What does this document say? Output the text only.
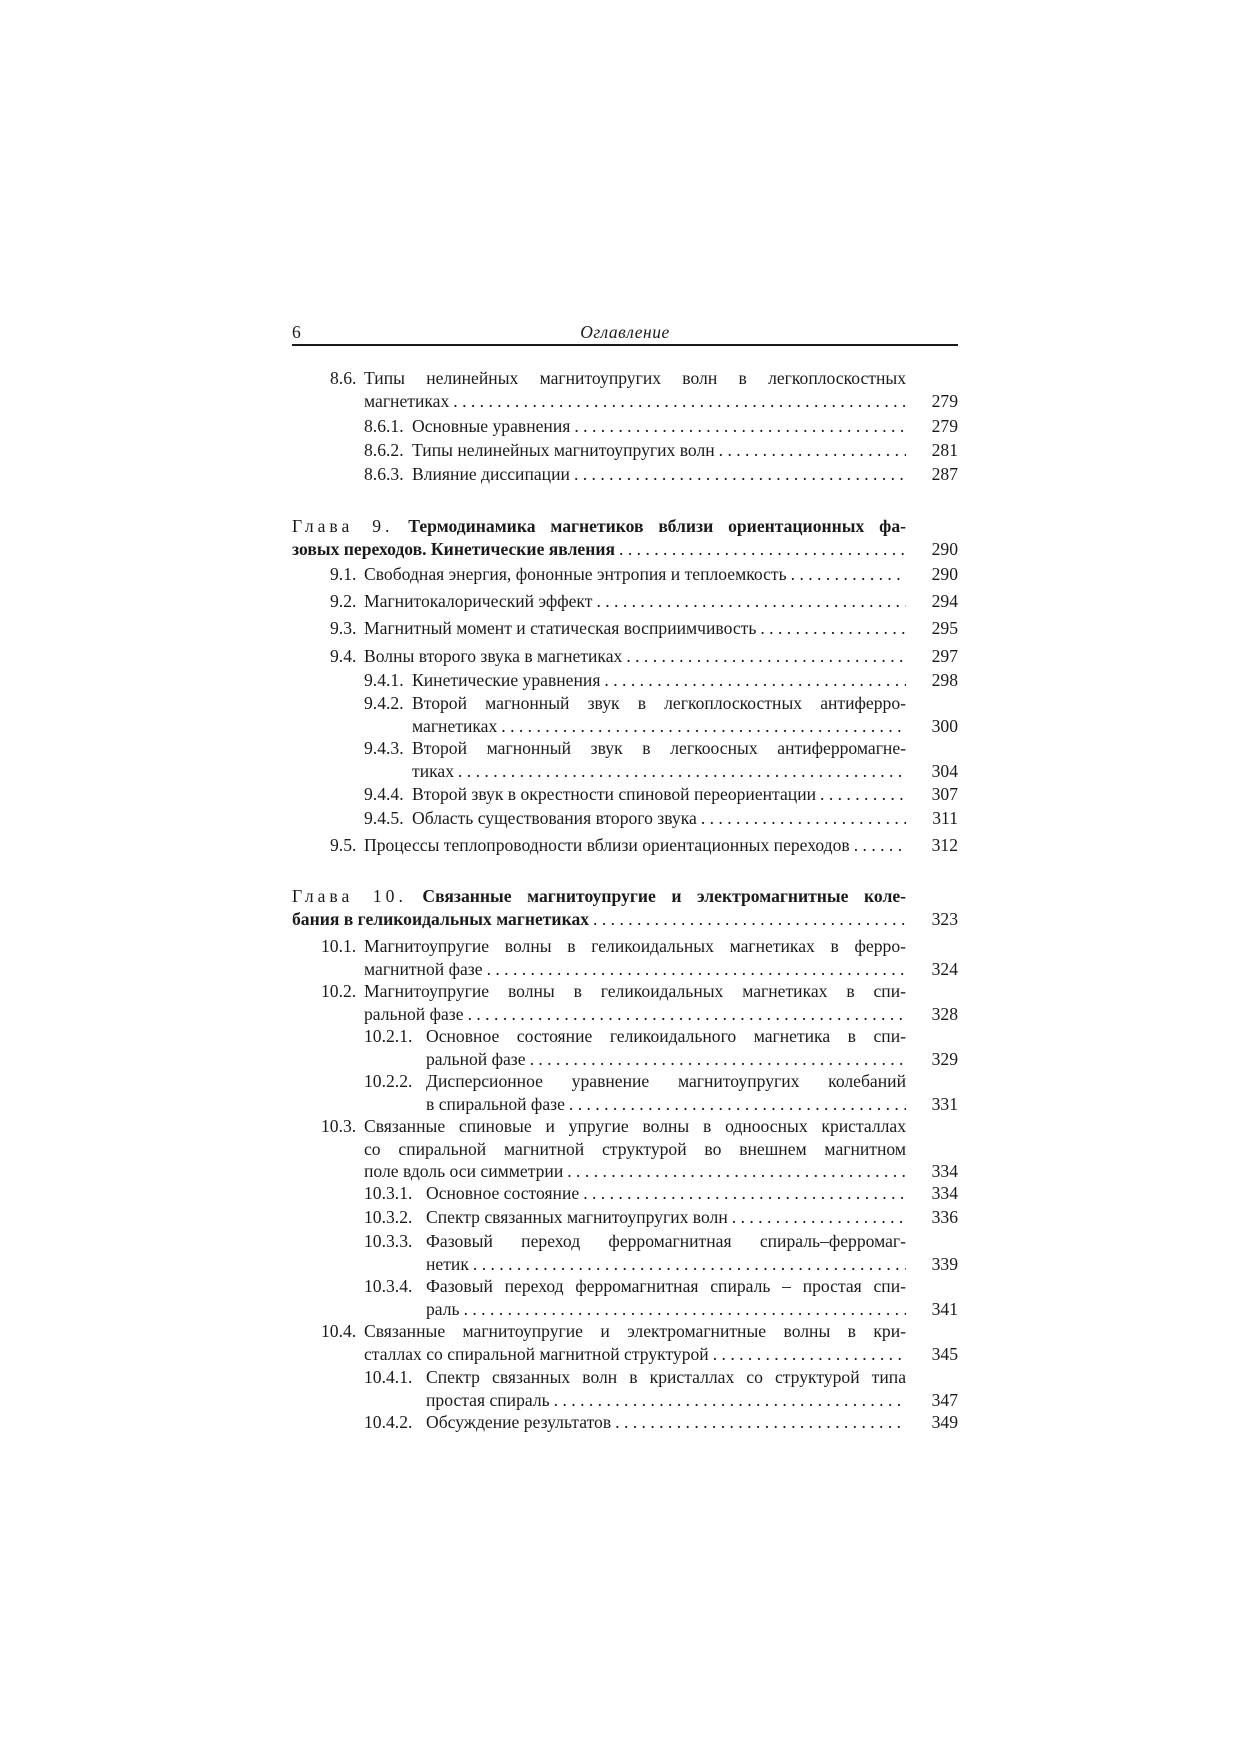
6	Оглавление
8.6. Типы нелинейных магнитоупругих волн в легкоплоскостных
магнетиках . . .	279
8.6.1. Основные уравнения . . .	279
8.6.2. Типы нелинейных магнитоупругих волн . . .	281
8.6.3. Влияние диссипации . . .	287
Глава 9. Термодинамика магнетиков вблизи ориентационных фа-
зовых переходов. Кинетические явления . . .	290
9.1. Свободная энергия, фононные энтропия и теплоемкость . . .	290
9.2. Магнитокалорический эффект . . .	294
9.3. Магнитный момент и статическая восприимчивость . . .	295
9.4. Волны второго звука в магнетиках . . .	297
9.4.1. Кинетические уравнения . . .	298
9.4.2. Второй магнонный звук в легкоплоскостных антиферро-
магнетиках . . .	300
9.4.3. Второй магнонный звук в легкоосных антиферромагне-
тиках . . .	304
9.4.4. Второй звук в окрестности спиновой переориентации . . .	307
9.4.5. Область существования второго звука . . .	311
9.5. Процессы теплопроводности вблизи ориентационных переходов . . .	312
Глава 10. Связанные магнитоупругие и электромагнитные коле-
бания в геликоидальных магнетиках . . .	323
10.1. Магнитоупругие волны в геликоидальных магнетиках в ферро-
магнитной фазе . . .	324
10.2. Магнитоупругие волны в геликоидальных магнетиках в спи-
ральной фазе . . .	328
10.2.1. Основное состояние геликоидального магнетика в спи-
ральной фазе . . .	329
10.2.2. Дисперсионное уравнение магнитоупругих колебаний
в спиральной фазе . . .	331
10.3. Связанные спиновые и упругие волны в одноосных кристаллах
со спиральной магнитной структурой во внешнем магнитном
поле вдоль оси симметрии . . .	334
10.3.1. Основное состояние . . .	334
10.3.2. Спектр связанных магнитоупругих волн . . .	336
10.3.3. Фазовый переход ферромагнитная спираль–ферромаг-
нетик . . .	339
10.3.4. Фазовый переход ферромагнитная спираль – простая спи-
раль . . .	341
10.4. Связанные магнитоупругие и электромагнитные волны в кри-
сталлах со спиральной магнитной структурой . . .	345
10.4.1. Спектр связанных волн в кристаллах со структурой типа
простая спираль . . .	347
10.4.2. Обсуждение результатов . . .	349
